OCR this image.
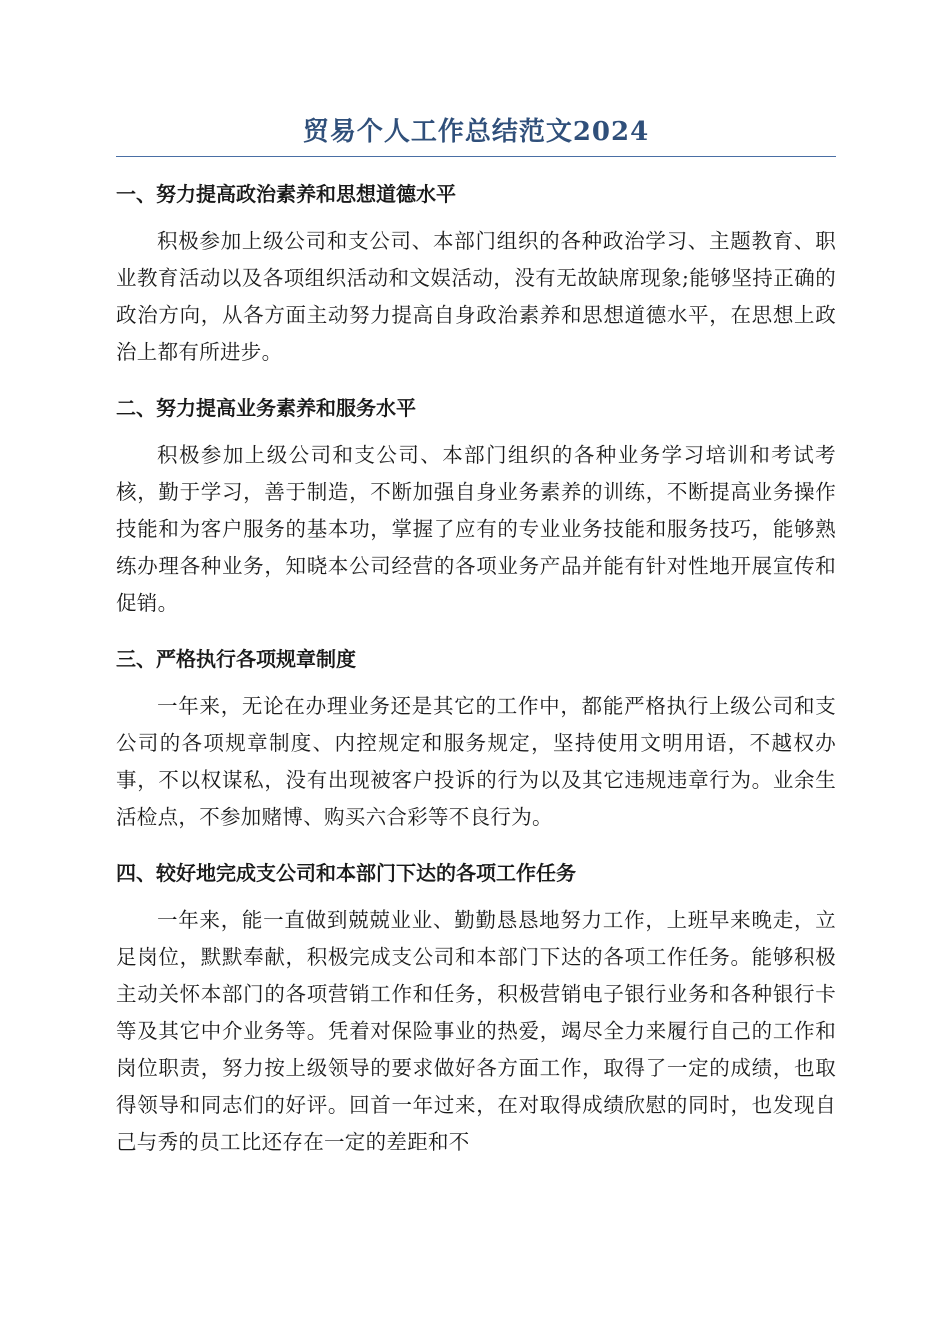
贸易个人工作总结范文2024
一、努力提高政治素养和思想道德水平

积极参加上级公司和支公司、本部门组织的各种政治学习、主题教育、职业教育活动以及各项组织活动和文娱活动，没有无故缺席现象;能够坚持正确的政治方向，从各方面主动努力提高自身政治素养和思想道德水平，在思想上政治上都有所进步。

二、努力提高业务素养和服务水平

积极参加上级公司和支公司、本部门组织的各种业务学习培训和考试考核，勤于学习，善于制造，不断加强自身业务素养的训练，不断提高业务操作技能和为客户服务的基本功，掌握了应有的专业业务技能和服务技巧，能够熟练办理各种业务，知晓本公司经营的各项业务产品并能有针对性地开展宣传和促销。

三、严格执行各项规章制度

一年来，无论在办理业务还是其它的工作中，都能严格执行上级公司和支公司的各项规章制度、内控规定和服务规定，坚持使用文明用语，不越权办事，不以权谋私，没有出现被客户投诉的行为以及其它违规违章行为。业余生活检点，不参加赌博、购买六合彩等不良行为。

四、较好地完成支公司和本部门下达的各项工作任务

一年来，能一直做到兢兢业业、勤勤恳恳地努力工作，上班早来晚走，立足岗位，默默奉献，积极完成支公司和本部门下达的各项工作任务。能够积极主动关怀本部门的各项营销工作和任务，积极营销电子银行业务和各种银行卡等及其它中介业务等。凭着对保险事业的热爱，竭尽全力来履行自己的工作和岗位职责，努力按上级领导的要求做好各方面工作，取得了一定的成绩，也取得领导和同志们的好评。回首一年过来，在对取得成绩欣慰的同时，也发现自己与秀的员工比还存在一定的差距和不
